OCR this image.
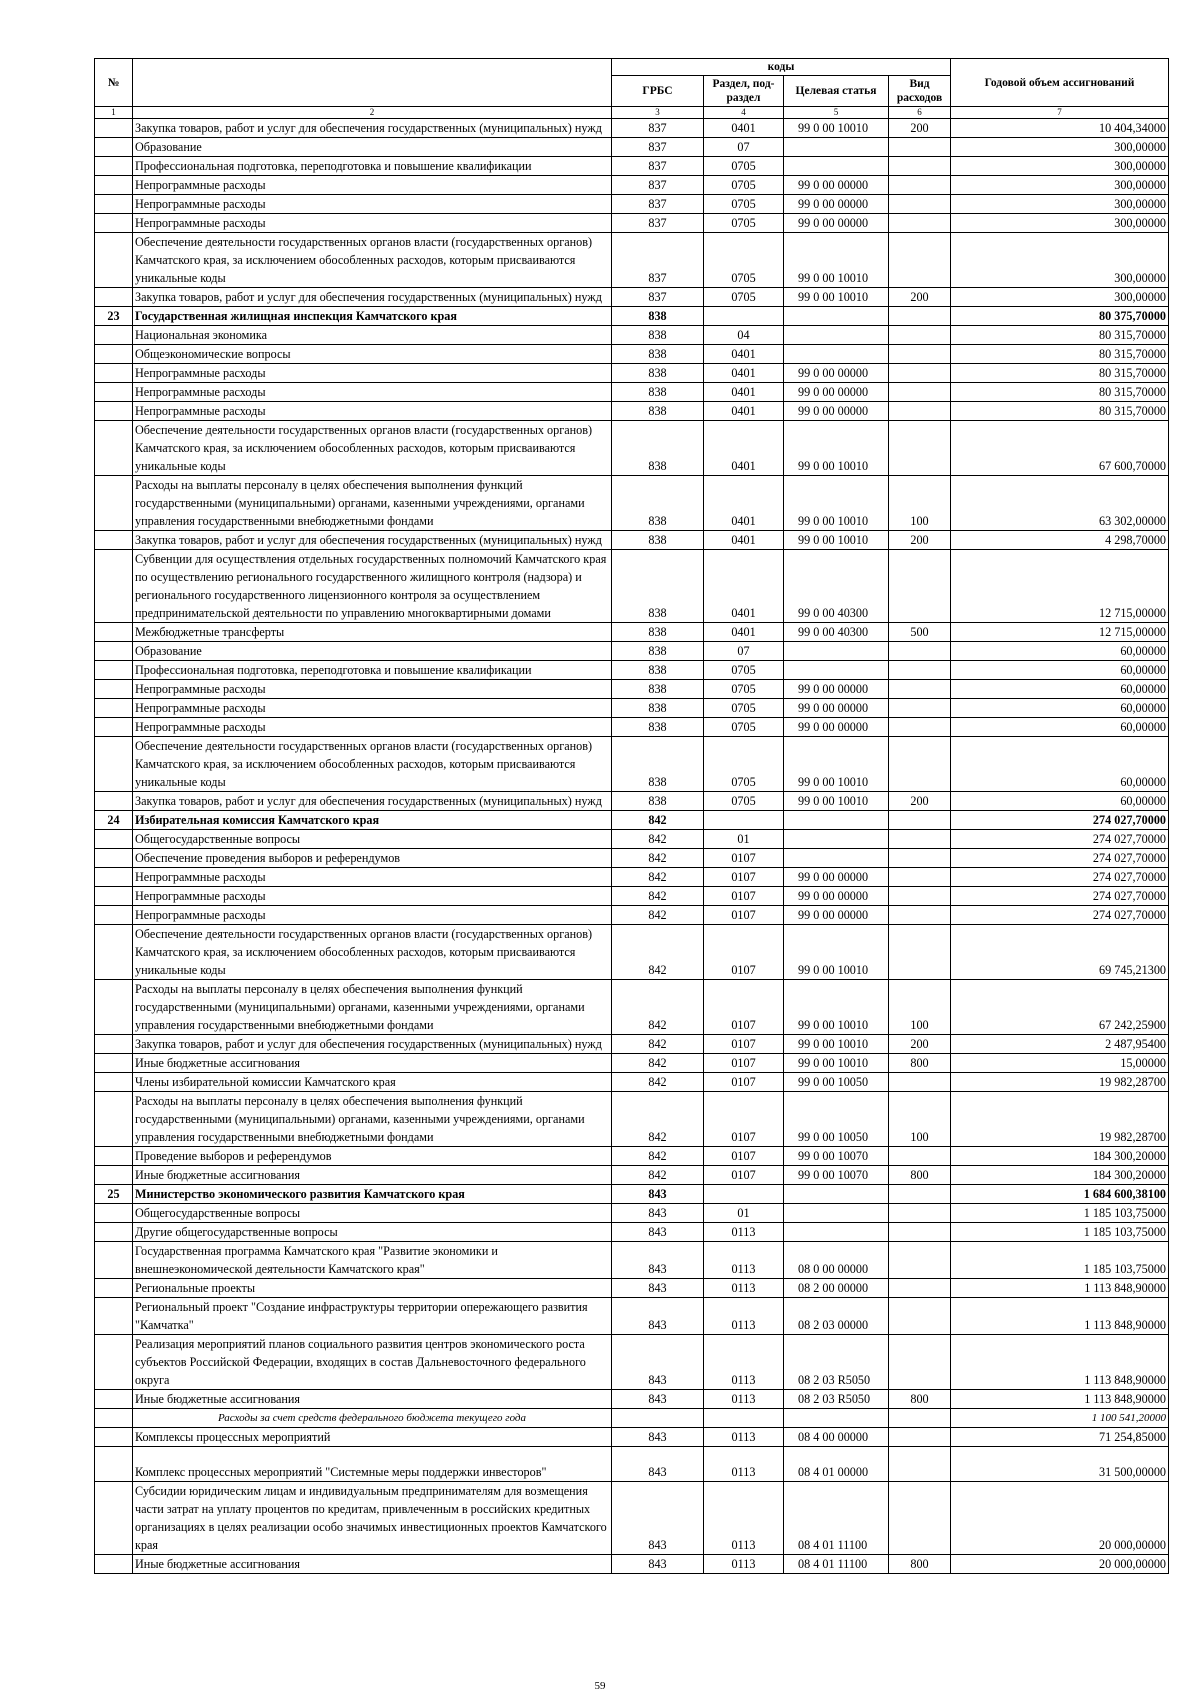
№		коды				Годовой объем ассигнований
		ГРБС	Раздел, под-раздел	Целевая статья	Вид расходов	
1	2	3	4	5	6	7
	Закупка товаров, работ и услуг для обеспечения государственных (муниципальных) нужд	837	0401	99 0 00 10010	200	10 404,34000
	Образование	837	07			300,00000
	Профессиональная подготовка, переподготовка и повышение квалификации	837	0705			300,00000
	Непрограммные расходы	837	0705	99 0 00 00000		300,00000
	Непрограммные расходы	837	0705	99 0 00 00000		300,00000
	Непрограммные расходы	837	0705	99 0 00 00000		300,00000
	Обеспечение деятельности государственных органов власти (государственных органов) Камчатского края, за исключением обособленных расходов, которым присваиваются уникальные коды	837	0705	99 0 00 10010		300,00000
	Закупка товаров, работ и услуг для обеспечения государственных (муниципальных) нужд	837	0705	99 0 00 10010	200	300,00000
23	Государственная жилищная инспекция Камчатского края	838				80 375,70000
	Национальная экономика	838	04			80 315,70000
	Общеэкономические вопросы	838	0401			80 315,70000
	Непрограммные расходы	838	0401	99 0 00 00000		80 315,70000
	Непрограммные расходы	838	0401	99 0 00 00000		80 315,70000
	Непрограммные расходы	838	0401	99 0 00 00000		80 315,70000
	Обеспечение деятельности государственных органов власти (государственных органов) Камчатского края, за исключением обособленных расходов, которым присваиваются уникальные коды	838	0401	99 0 00 10010		67 600,70000
	Расходы на выплаты персоналу в целях обеспечения выполнения функций государственными (муниципальными) органами, казенными учреждениями, органами управления государственными внебюджетными фондами	838	0401	99 0 00 10010	100	63 302,00000
	Закупка товаров, работ и услуг для обеспечения государственных (муниципальных) нужд	838	0401	99 0 00 10010	200	4 298,70000
	Субвенции для осуществления отдельных государственных полномочий Камчатского края по осуществлению регионального государственного жилищного контроля (надзора) и регионального государственного лицензионного контроля за осуществлением предпринимательской деятельности по управлению многоквартирными домами	838	0401	99 0 00 40300		12 715,00000
	Межбюджетные трансферты	838	0401	99 0 00 40300	500	12 715,00000
	Образование	838	07			60,00000
	Профессиональная подготовка, переподготовка и повышение квалификации	838	0705			60,00000
	Непрограммные расходы	838	0705	99 0 00 00000		60,00000
	Непрограммные расходы	838	0705	99 0 00 00000		60,00000
	Непрограммные расходы	838	0705	99 0 00 00000		60,00000
	Обеспечение деятельности государственных органов власти (государственных органов) Камчатского края, за исключением обособленных расходов, которым присваиваются уникальные коды	838	0705	99 0 00 10010		60,00000
	Закупка товаров, работ и услуг для обеспечения государственных (муниципальных) нужд	838	0705	99 0 00 10010	200	60,00000
24	Избирательная комиссия Камчатского края	842				274 027,70000
	Общегосударственные вопросы	842	01			274 027,70000
	Обеспечение проведения выборов и референдумов	842	0107			274 027,70000
	Непрограммные расходы	842	0107	99 0 00 00000		274 027,70000
	Непрограммные расходы	842	0107	99 0 00 00000		274 027,70000
	Непрограммные расходы	842	0107	99 0 00 00000		274 027,70000
	Обеспечение деятельности государственных органов власти (государственных органов) Камчатского края, за исключением обособленных расходов, которым присваиваются уникальные коды	842	0107	99 0 00 10010		69 745,21300
	Расходы на выплаты персоналу в целях обеспечения выполнения функций государственными (муниципальными) органами, казенными учреждениями, органами управления государственными внебюджетными фондами	842	0107	99 0 00 10010	100	67 242,25900
	Закупка товаров, работ и услуг для обеспечения государственных (муниципальных) нужд	842	0107	99 0 00 10010	200	2 487,95400
	Иные бюджетные ассигнования	842	0107	99 0 00 10010	800	15,00000
	Члены избирательной комиссии Камчатского края	842	0107	99 0 00 10050		19 982,28700
	Расходы на выплаты персоналу в целях обеспечения выполнения функций государственными (муниципальными) органами, казенными учреждениями, органами управления государственными внебюджетными фондами	842	0107	99 0 00 10050	100	19 982,28700
	Проведение выборов и референдумов	842	0107	99 0 00 10070		184 300,20000
	Иные бюджетные ассигнования	842	0107	99 0 00 10070	800	184 300,20000
25	Министерство экономического развития Камчатского края	843				1 684 600,38100
	Общегосударственные вопросы	843	01			1 185 103,75000
	Другие общегосударственные вопросы	843	0113			1 185 103,75000
	Государственная программа Камчатского края "Развитие экономики и внешнеэкономической деятельности Камчатского края"	843	0113	08 0 00 00000		1 185 103,75000
	Региональные проекты	843	0113	08 2 00 00000		1 113 848,90000
	Региональный проект "Создание инфраструктуры территории опережающего развития "Камчатка"	843	0113	08 2 03 00000		1 113 848,90000
	Реализация мероприятий планов социального развития центров экономического роста субъектов Российской Федерации, входящих в состав Дальневосточного федерального округа	843	0113	08 2 03 R5050		1 113 848,90000
	Иные бюджетные ассигнования	843	0113	08 2 03 R5050	800	1 113 848,90000
	Расходы за счет средств федерального бюджета текущего года					1 100 541,20000
	Комплексы процессных мероприятий	843	0113	08 4 00 00000		71 254,85000
	Комплекс процессных мероприятий "Системные меры поддержки инвесторов"	843	0113	08 4 01 00000		31 500,00000
	Субсидии юридическим лицам и индивидуальным предпринимателям для возмещения части затрат на уплату процентов по кредитам, привлеченным в российских кредитных организациях в целях реализации особо значимых инвестиционных проектов Камчатского края	843	0113	08 4 01 11100		20 000,00000
	Иные бюджетные ассигнования	843	0113	08 4 01 11100	800	20 000,00000
59
